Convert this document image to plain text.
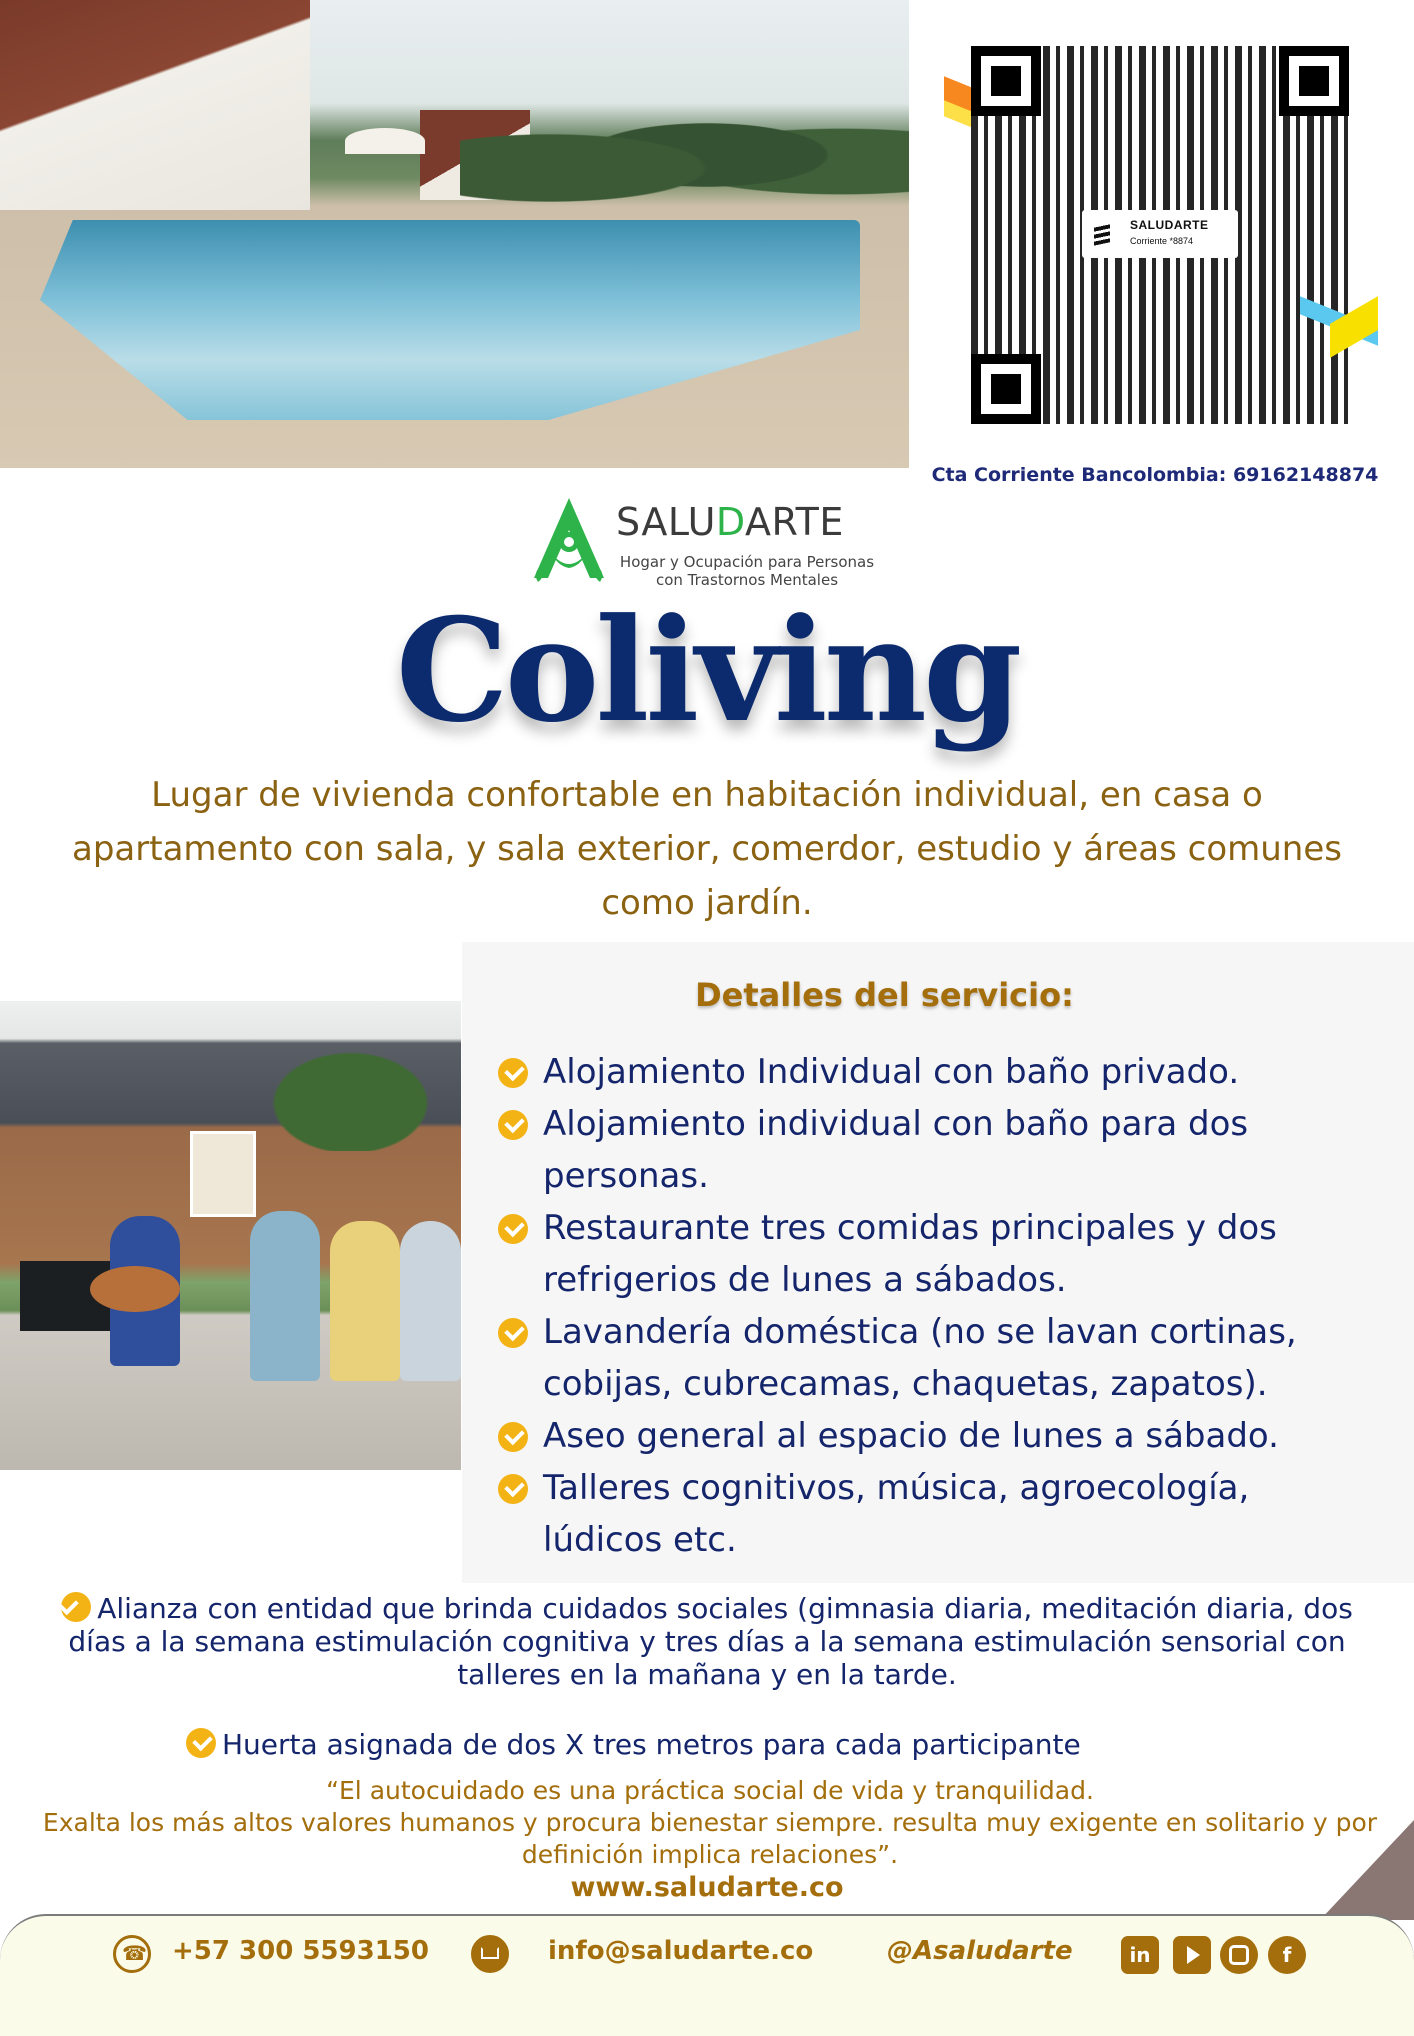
SALUDARTE
Corriente *8874
Cta Corriente Bancolombia: 69162148874
SALUDARTE
Hogar y Ocupación para Personas
con Trastornos Mentales
Coliving
Lugar de vivienda confortable en habitación individual, en casa o apartamento con sala, y sala exterior, comerdor, estudio y áreas comunes como jardín.
Detalles del servicio:
Alojamiento Individual con baño privado.
Alojamiento individual con baño para dos personas.
Restaurante tres comidas principales y dos refrigerios de lunes a sábados.
Lavandería doméstica (no se lavan cortinas, cobijas, cubrecamas, chaquetas, zapatos).
Aseo general al espacio de lunes a sábado.
Talleres cognitivos, música, agroecología, lúdicos etc.
Alianza con entidad que brinda cuidados sociales (gimnasia diaria, meditación diaria, dos días a la semana estimulación cognitiva y tres días a la semana estimulación sensorial con talleres en la mañana y en la tarde.
Huerta asignada de dos X tres metros para cada participante
“El autocuidado es una práctica social de vida y tranquilidad.
Exalta los más altos valores humanos y procura bienestar siempre. resulta muy exigente en solitario y por definición implica relaciones”.
www.saludarte.co
☎
+57 300 5593150	info@saludarte.co	@Asaludarte	in	f
